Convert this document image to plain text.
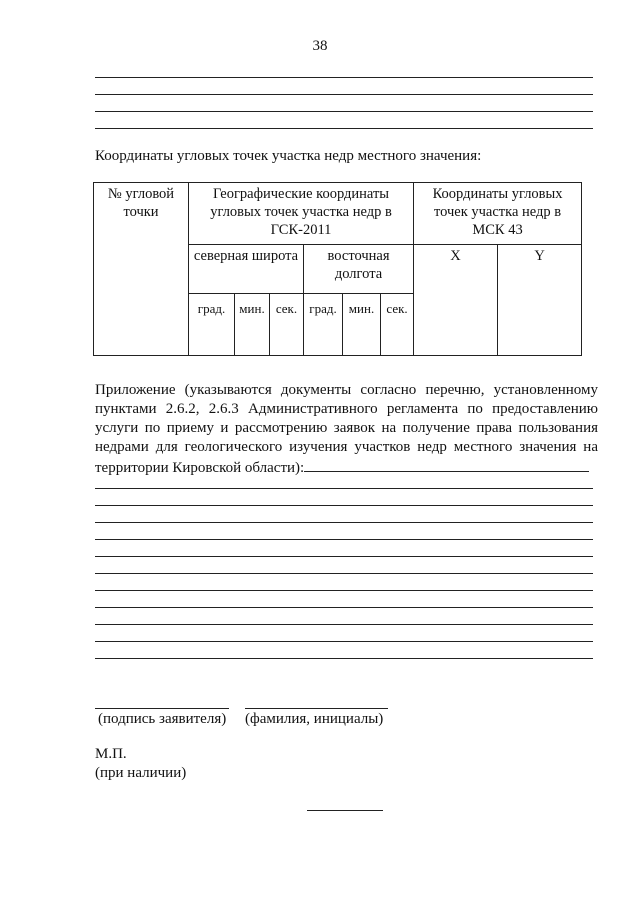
38
Координаты угловых точек участка недр местного значения:
№ угловой точки	Географические координаты угловых точек участка недр в ГСК-2011						Координаты угловых точек участка недр в МСК 43	
	северная широта			восточная долгота			X	Y
	град.	мин.	сек.	град.	мин.	сек.		
Приложение (указываются документы согласно перечню, установленному пунктами 2.6.2, 2.6.3 Административного регламента по предоставлению услуги по приему и рассмотрению заявок на получение права пользования недрами для геологического изучения участков недр местного значения на территории Кировской области):
(подпись заявителя) (фамилия, инициалы)
М.П.
(при наличии)
